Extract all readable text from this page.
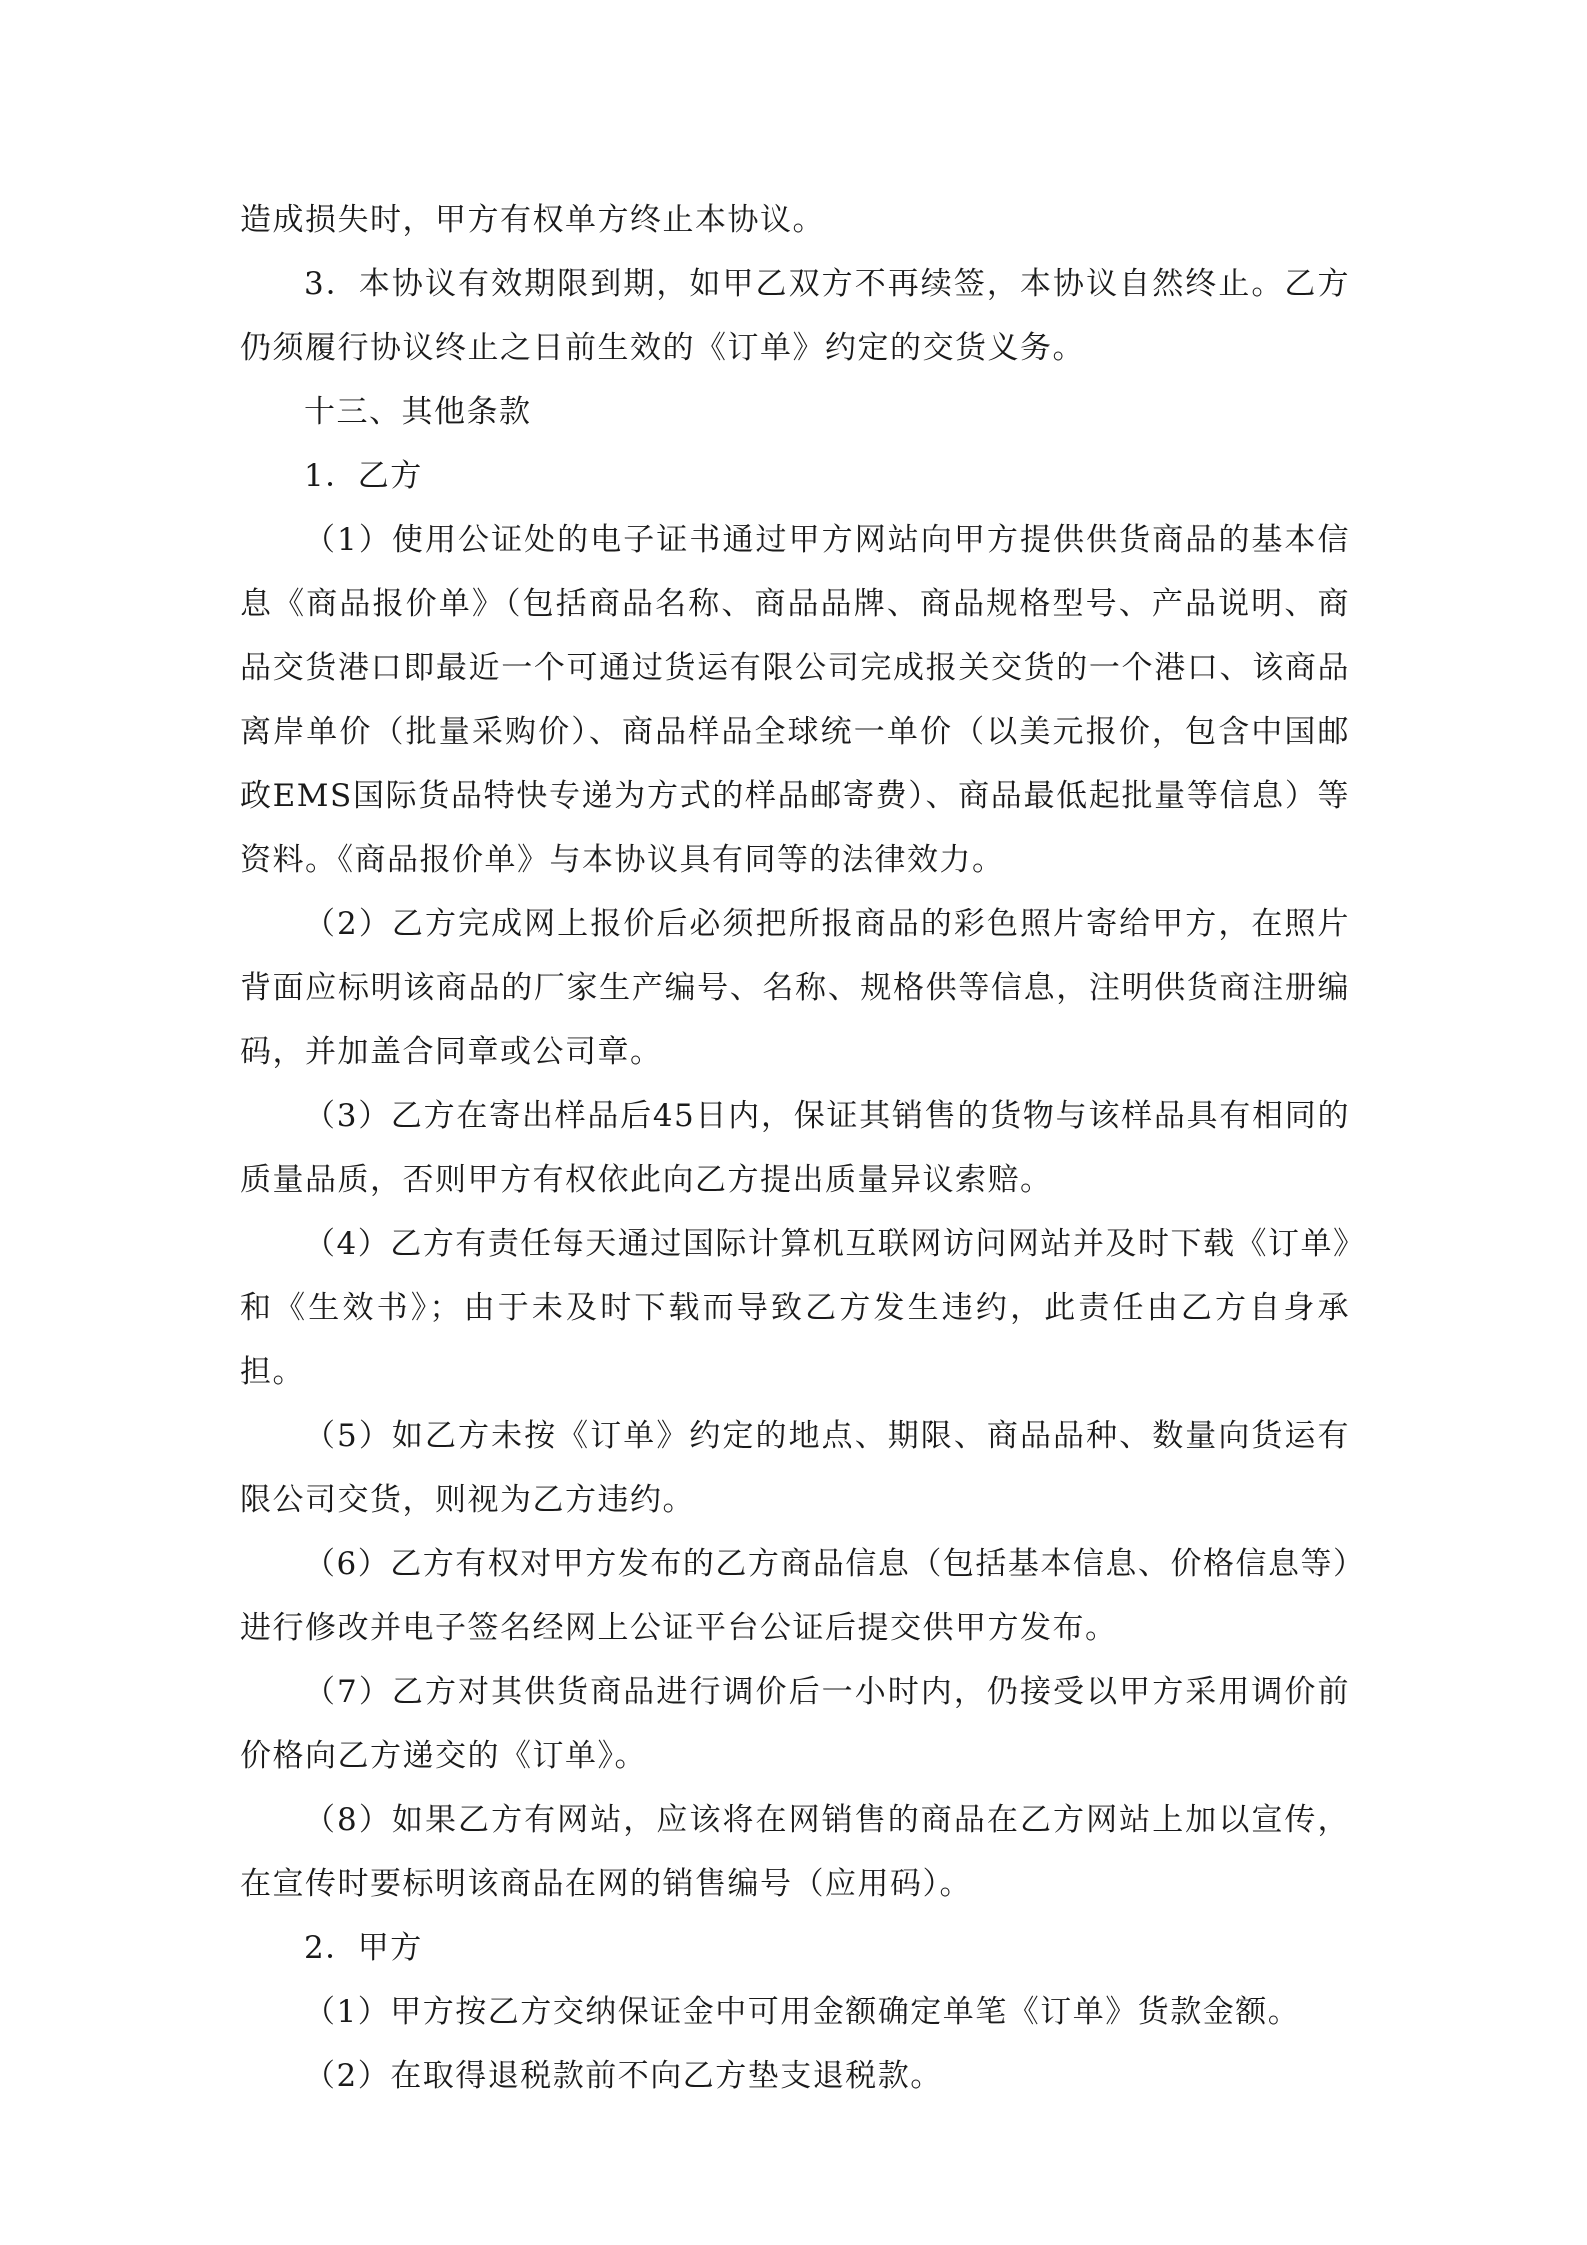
造成损失时，甲方有权单方终止本协议。

3．本协议有效期限到期，如甲乙双方不再续签，本协议自然终止。乙方仍须履行协议终止之日前生效的《订单》约定的交货义务。

十三、其他条款

1．乙方

（1）使用公证处的电子证书通过甲方网站向甲方提供供货商品的基本信息《商品报价单》（包括商品名称、商品品牌、商品规格型号、产品说明、商品交货港口即最近一个可通过货运有限公司完成报关交货的一个港口、该商品离岸单价（批量采购价）、商品样品全球统一单价（以美元报价，包含中国邮政EMS国际货品特快专递为方式的样品邮寄费）、商品最低起批量等信息）等资料。《商品报价单》与本协议具有同等的法律效力。

（2）乙方完成网上报价后必须把所报商品的彩色照片寄给甲方，在照片背面应标明该商品的厂家生产编号、名称、规格供等信息，注明供货商注册编码，并加盖合同章或公司章。

（3）乙方在寄出样品后45日内，保证其销售的货物与该样品具有相同的质量品质，否则甲方有权依此向乙方提出质量异议索赔。

（4）乙方有责任每天通过国际计算机互联网访问网站并及时下载《订单》和《生效书》；由于未及时下载而导致乙方发生违约，此责任由乙方自身承担。

（5）如乙方未按《订单》约定的地点、期限、商品品种、数量向货运有限公司交货，则视为乙方违约。

（6）乙方有权对甲方发布的乙方商品信息（包括基本信息、价格信息等）进行修改并电子签名经网上公证平台公证后提交供甲方发布。

（7）乙方对其供货商品进行调价后一小时内，仍接受以甲方采用调价前价格向乙方递交的《订单》。

（8）如果乙方有网站，应该将在网销售的商品在乙方网站上加以宣传，在宣传时要标明该商品在网的销售编号（应用码）。

2．甲方

（1）甲方按乙方交纳保证金中可用金额确定单笔《订单》货款金额。

（2）在取得退税款前不向乙方垫支退税款。
